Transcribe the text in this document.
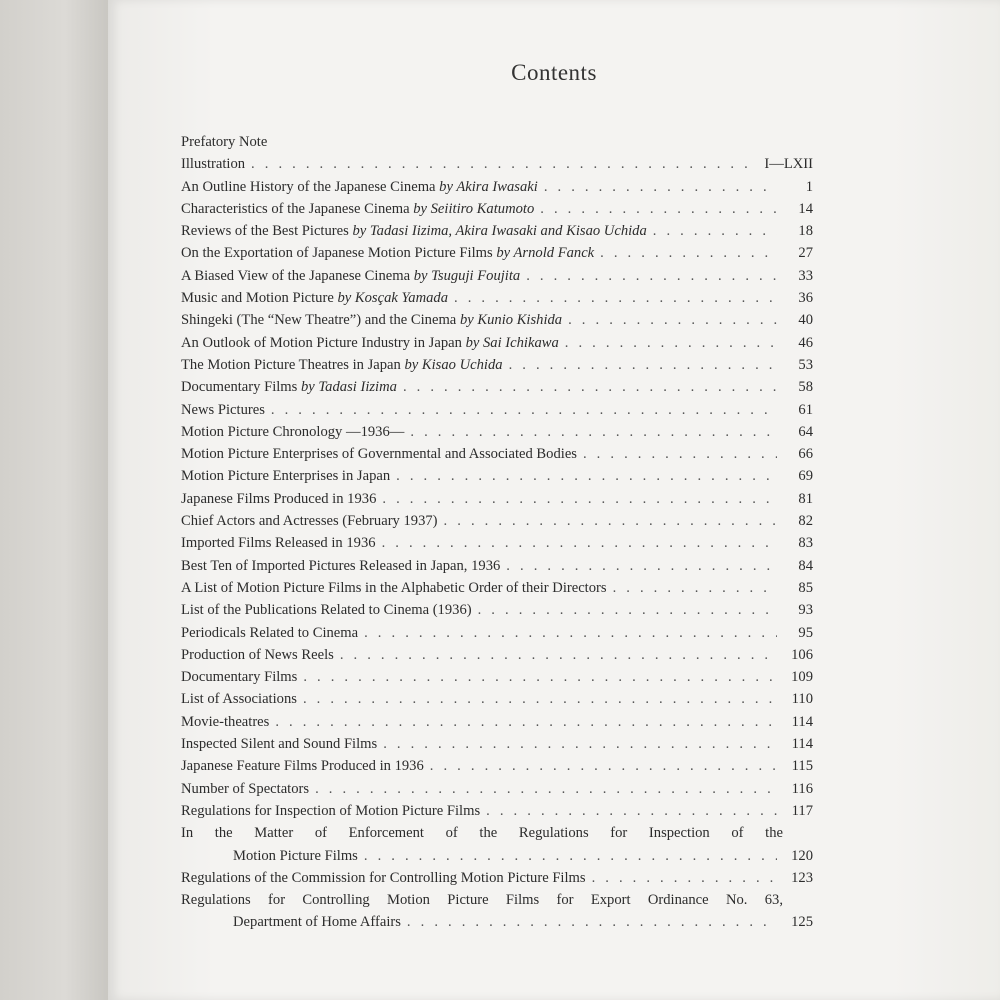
Contents
Prefatory Note
Illustration . . .	I—LXII
An Outline History of the Japanese Cinema by Akira Iwasaki . . .	1
Characteristics of the Japanese Cinema by Seiitiro Katumoto . . .	14
Reviews of the Best Pictures by Tadasi Iizima, Akira Iwasaki and Kisao Uchida . . .	18
On the Exportation of Japanese Motion Picture Films by Arnold Fanck . . .	27
A Biased View of the Japanese Cinema by Tsuguji Foujita . . .	33
Music and Motion Picture by Kosçak Yamada . . .	36
Shingeki (The “New Theatre”) and the Cinema by Kunio Kishida . . .	40
An Outlook of Motion Picture Industry in Japan by Sai Ichikawa . . .	46
The Motion Picture Theatres in Japan by Kisao Uchida . . .	53
Documentary Films by Tadasi Iizima . . .	58
News Pictures . . .	61
Motion Picture Chronology —1936— . . .	64
Motion Picture Enterprises of Governmental and Associated Bodies . . .	66
Motion Picture Enterprises in Japan . . .	69
Japanese Films Produced in 1936 . . .	81
Chief Actors and Actresses (February 1937) . . .	82
Imported Films Released in 1936 . . .	83
Best Ten of Imported Pictures Released in Japan, 1936 . . .	84
A List of Motion Picture Films in the Alphabetic Order of their Directors . . .	85
List of the Publications Related to Cinema (1936) . . .	93
Periodicals Related to Cinema . . .	95
Production of News Reels . . .	106
Documentary Films . . .	109
List of Associations . . .	110
Movie-theatres . . .	114
Inspected Silent and Sound Films . . .	114
Japanese Feature Films Produced in 1936 . . .	115
Number of Spectators . . .	116
Regulations for Inspection of Motion Picture Films . . .	117
In the Matter of Enforcement of the Regulations for Inspection of the
Motion Picture Films . . .	120
Regulations of the Commission for Controlling Motion Picture Films . . .	123
Regulations for Controlling Motion Picture Films for Export Ordinance No. 63,
Department of Home Affairs . . .	125
